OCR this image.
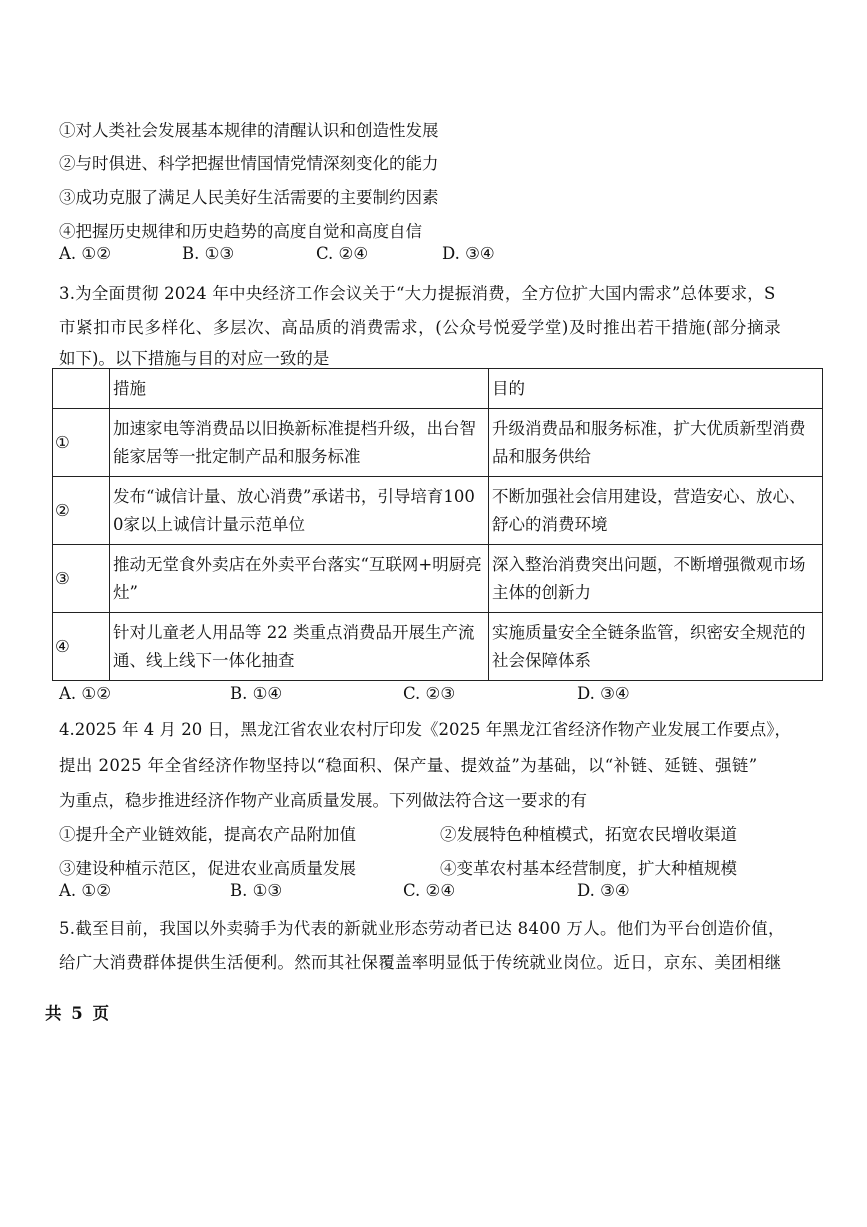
①对人类社会发展基本规律的清醒认识和创造性发展
②与时俱进、科学把握世情国情党情深刻变化的能力
③成功克服了满足人民美好生活需要的主要制约因素
④把握历史规律和历史趋势的高度自觉和高度自信
A. ①②	B. ①③	C. ②④	D. ③④
3.为全面贯彻 2024 年中央经济工作会议关于“大力提振消费，全方位扩大国内需求”总体要求，S
市紧扣市民多样化、多层次、高品质的消费需求，(公众号悦爱学堂)及时推出若干措施(部分摘录
如下)。以下措施与目的对应一致的是
	措施	目的
①	加速家电等消费品以旧换新标准提档升级，出台智能家居等一批定制产品和服务标准	升级消费品和服务标准，扩大优质新型消费品和服务供给
②	发布“诚信计量、放心消费”承诺书，引导培育1000家以上诚信计量示范单位	不断加强社会信用建设，营造安心、放心、舒心的消费环境
③	推动无堂食外卖店在外卖平台落实“互联网+明厨亮灶”	深入整治消费突出问题，不断增强微观市场主体的创新力
④	针对儿童老人用品等 22 类重点消费品开展生产流通、线上线下一体化抽查	实施质量安全全链条监管，织密安全规范的社会保障体系
A. ①②	B. ①④	C. ②③	D. ③④
4.2025 年 4 月 20 日，黑龙江省农业农村厅印发《2025 年黑龙江省经济作物产业发展工作要点》，
提出 2025 年全省经济作物坚持以“稳面积、保产量、提效益”为基础，以“补链、延链、强链”
为重点，稳步推进经济作物产业高质量发展。下列做法符合这一要求的有
①提升全产业链效能，提高农产品附加值	②发展特色种植模式，拓宽农民增收渠道
③建设种植示范区，促进农业高质量发展	④变革农村基本经营制度，扩大种植规模
A. ①②	B. ①③	C. ②④	D. ③④
5.截至目前，我国以外卖骑手为代表的新就业形态劳动者已达 8400 万人。他们为平台创造价值，
给广大消费群体提供生活便利。然而其社保覆盖率明显低于传统就业岗位。近日，京东、美团相继
共 5 页
